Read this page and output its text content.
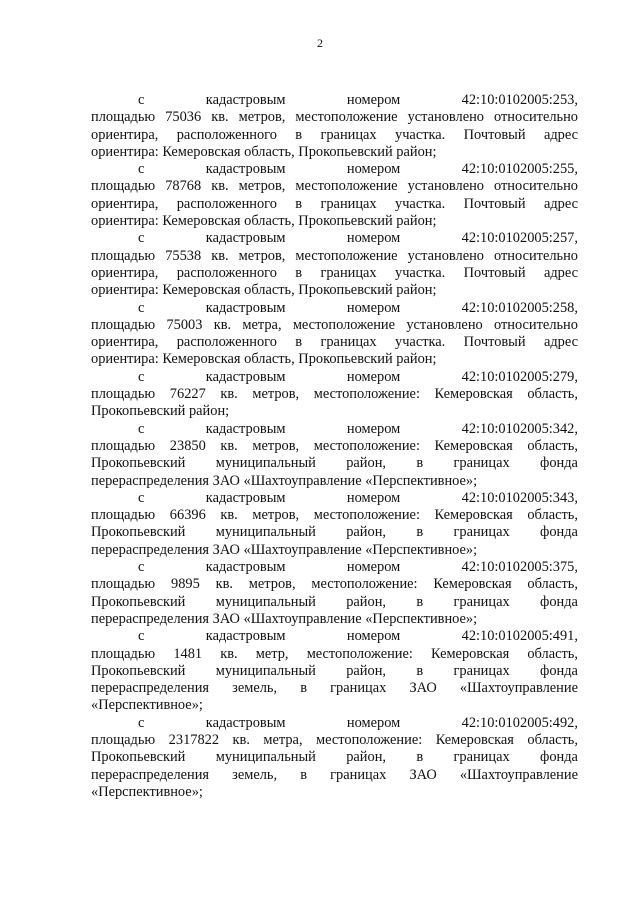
2
с	кадастровым	номером	42:10:0102005:253,
площадью 75036 кв. метров, местоположение установлено относительно
ориентира, расположенного в границах участка. Почтовый адрес
ориентира: Кемеровская область, Прокопьевский район;
с	кадастровым	номером	42:10:0102005:255,
площадью 78768 кв. метров, местоположение установлено относительно
ориентира, расположенного в границах участка. Почтовый адрес
ориентира: Кемеровская область, Прокопьевский район;
с	кадастровым	номером	42:10:0102005:257,
площадью 75538 кв. метров, местоположение установлено относительно
ориентира, расположенного в границах участка. Почтовый адрес
ориентира: Кемеровская область, Прокопьевский район;
с	кадастровым	номером	42:10:0102005:258,
площадью 75003 кв. метра, местоположение установлено относительно
ориентира, расположенного в границах участка. Почтовый адрес
ориентира: Кемеровская область, Прокопьевский район;
с	кадастровым	номером	42:10:0102005:279,
площадью 76227 кв. метров, местоположение: Кемеровская область,
Прокопьевский район;
с	кадастровым	номером	42:10:0102005:342,
площадью 23850 кв. метров, местоположение: Кемеровская область,
Прокопьевский муниципальный район, в границах фонда
перераспределения ЗАО «Шахтоуправление «Перспективное»;
с	кадастровым	номером	42:10:0102005:343,
площадью 66396 кв. метров, местоположение: Кемеровская область,
Прокопьевский муниципальный район, в границах фонда
перераспределения ЗАО «Шахтоуправление «Перспективное»;
с	кадастровым	номером	42:10:0102005:375,
площадью 9895 кв. метров, местоположение: Кемеровская область,
Прокопьевский муниципальный район, в границах фонда
перераспределения ЗАО «Шахтоуправление «Перспективное»;
с	кадастровым	номером	42:10:0102005:491,
площадью 1481 кв. метр, местоположение: Кемеровская область,
Прокопьевский муниципальный район, в границах фонда
перераспределения земель, в границах ЗАО «Шахтоуправление
«Перспективное»;
с	кадастровым	номером	42:10:0102005:492,
площадью 2317822 кв. метра, местоположение: Кемеровская область,
Прокопьевский муниципальный район, в границах фонда
перераспределения земель, в границах ЗАО «Шахтоуправление
«Перспективное»;
